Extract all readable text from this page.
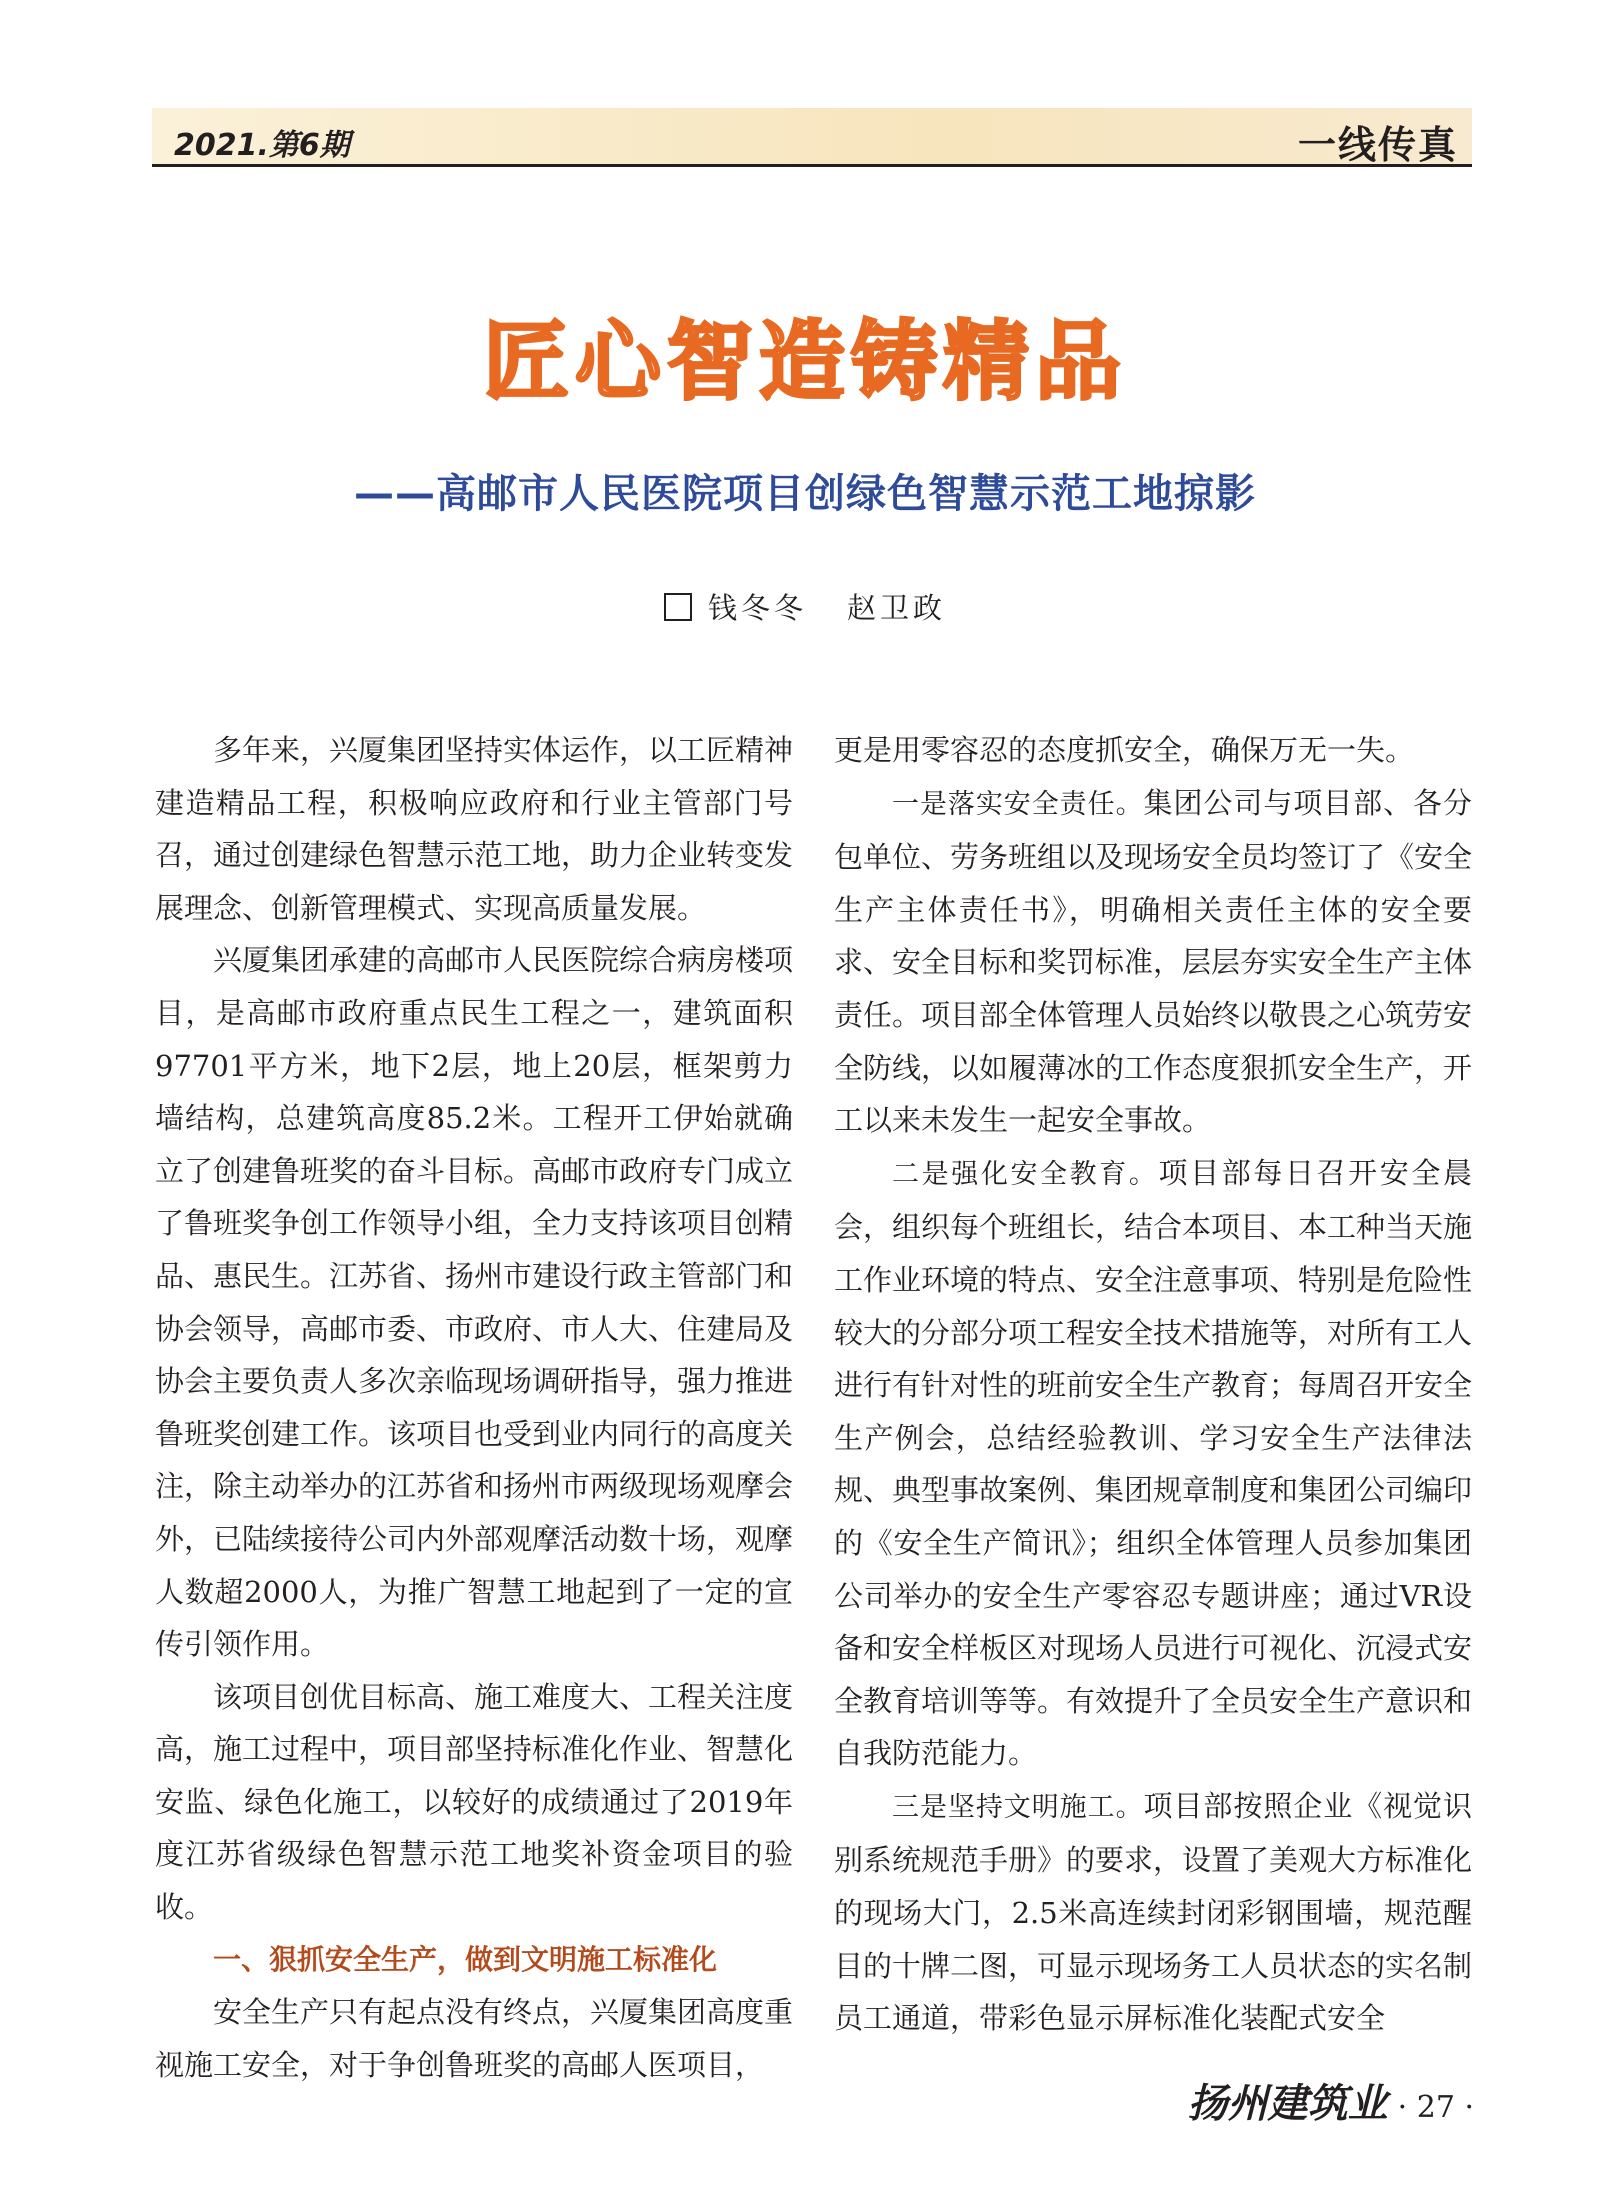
2021.第6期	一线传真
匠心智造铸精品
——高邮市人民医院项目创绿色智慧示范工地掠影
钱冬冬 赵卫政

多年来，兴厦集团坚持实体运作，以工匠精神建造精品工程，积极响应政府和行业主管部门号召，通过创建绿色智慧示范工地，助力企业转变发展理念、创新管理模式、实现高质量发展。

兴厦集团承建的高邮市人民医院综合病房楼项目，是高邮市政府重点民生工程之一，建筑面积97701平方米，地下2层，地上20层，框架剪力墙结构，总建筑高度85.2米。工程开工伊始就确立了创建鲁班奖的奋斗目标。高邮市政府专门成立了鲁班奖争创工作领导小组，全力支持该项目创精品、惠民生。江苏省、扬州市建设行政主管部门和协会领导，高邮市委、市政府、市人大、住建局及协会主要负责人多次亲临现场调研指导，强力推进鲁班奖创建工作。该项目也受到业内同行的高度关注，除主动举办的江苏省和扬州市两级现场观摩会外，已陆续接待公司内外部观摩活动数十场，观摩人数超2000人，为推广智慧工地起到了一定的宣传引领作用。

该项目创优目标高、施工难度大、工程关注度高，施工过程中，项目部坚持标准化作业、智慧化安监、绿色化施工，以较好的成绩通过了2019年度江苏省级绿色智慧示范工地奖补资金项目的验收。

一、狠抓安全生产，做到文明施工标准化

安全生产只有起点没有终点，兴厦集团高度重视施工安全，对于争创鲁班奖的高邮人医项目，

更是用零容忍的态度抓安全，确保万无一失。

一是落实安全责任。集团公司与项目部、各分包单位、劳务班组以及现场安全员均签订了《安全生产主体责任书》，明确相关责任主体的安全要求、安全目标和奖罚标准，层层夯实安全生产主体责任。项目部全体管理人员始终以敬畏之心筑劳安全防线，以如履薄冰的工作态度狠抓安全生产，开工以来未发生一起安全事故。

二是强化安全教育。项目部每日召开安全晨会，组织每个班组长，结合本项目、本工种当天施工作业环境的特点、安全注意事项、特别是危险性较大的分部分项工程安全技术措施等，对所有工人进行有针对性的班前安全生产教育；每周召开安全生产例会，总结经验教训、学习安全生产法律法规、典型事故案例、集团规章制度和集团公司编印的《安全生产简讯》；组织全体管理人员参加集团公司举办的安全生产零容忍专题讲座；通过VR设备和安全样板区对现场人员进行可视化、沉浸式安全教育培训等等。有效提升了全员安全生产意识和自我防范能力。

三是坚持文明施工。项目部按照企业《视觉识别系统规范手册》的要求，设置了美观大方标准化的现场大门，2.5米高连续封闭彩钢围墙，规范醒目的十牌二图，可显示现场务工人员状态的实名制员工通道，带彩色显示屏标准化装配式安全

扬州建筑业 · 27 ·
